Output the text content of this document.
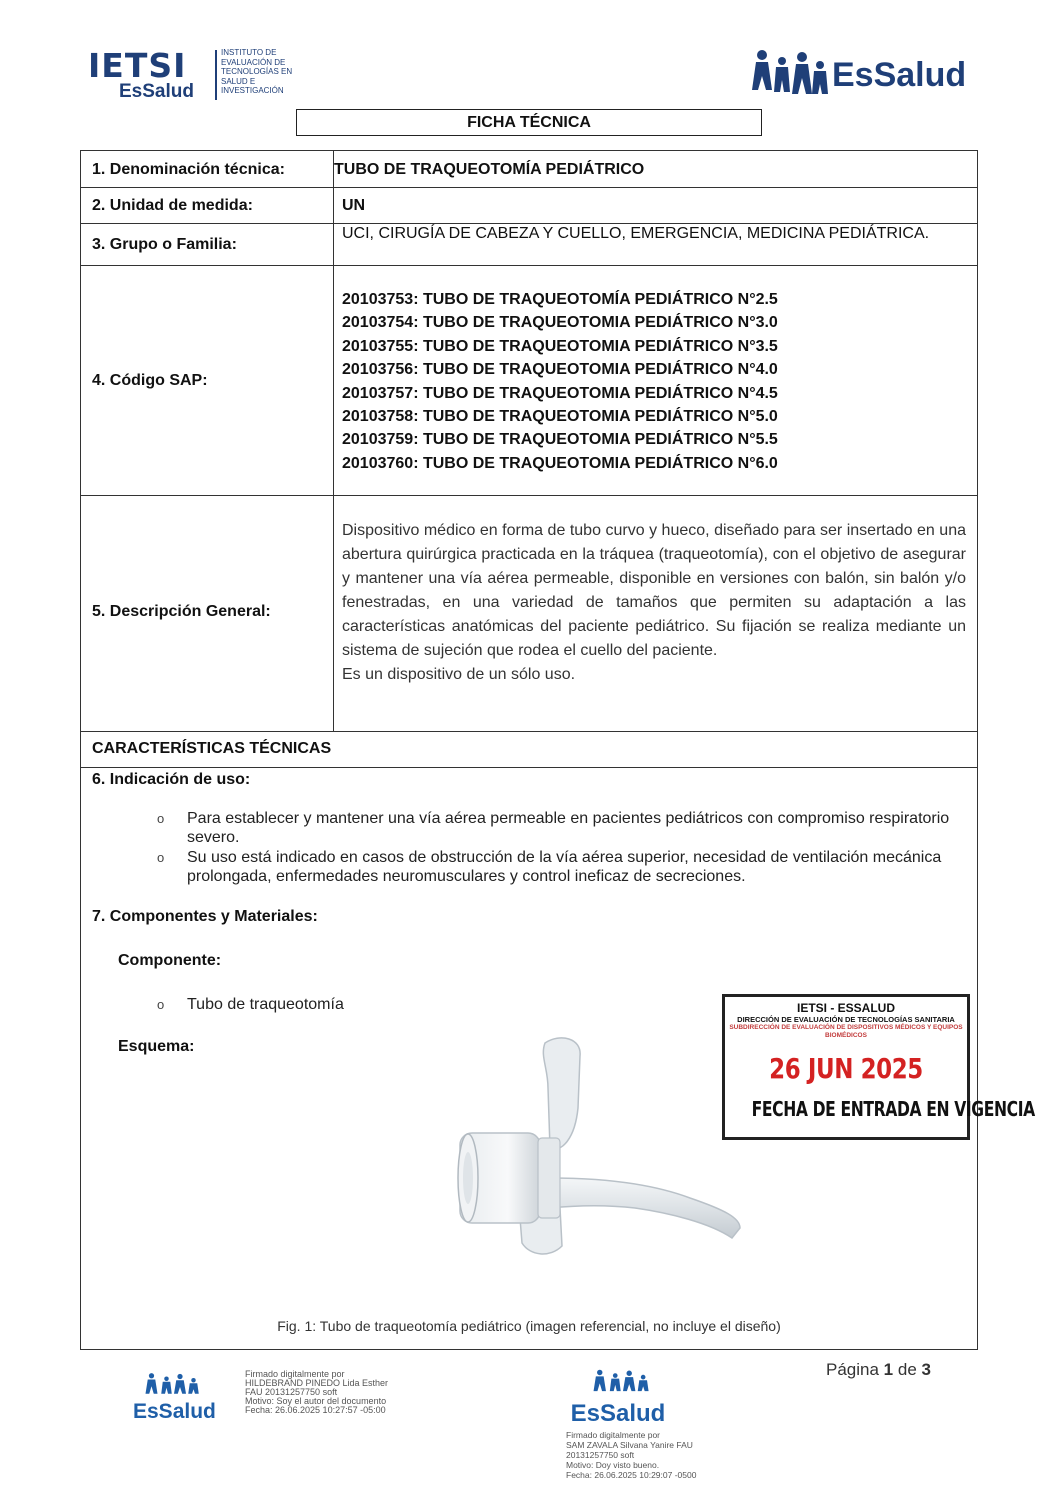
IETSI
EsSalud
INSTITUTO DE
EVALUACIÓN DE
TECNOLOGÍAS EN
SALUD E
INVESTIGACIÓN	EsSalud
FICHA TÉCNICA
1. Denominación técnica:	TUBO DE TRAQUEOTOMÍA PEDIÁTRICO
2. Unidad de medida:	UN
3. Grupo o Familia:
UCI, CIRUGÍA DE CABEZA Y CUELLO, EMERGENCIA, MEDICINA PEDIÁTRICA.
4. Código SAP:
20103753: TUBO DE TRAQUEOTOMÍA PEDIÁTRICO N°2.5
20103754: TUBO DE TRAQUEOTOMIA PEDIÁTRICO N°3.0
20103755: TUBO DE TRAQUEOTOMIA PEDIÁTRICO N°3.5
20103756: TUBO DE TRAQUEOTOMIA PEDIÁTRICO N°4.0
20103757: TUBO DE TRAQUEOTOMIA PEDIÁTRICO N°4.5
20103758: TUBO DE TRAQUEOTOMIA PEDIÁTRICO N°5.0
20103759: TUBO DE TRAQUEOTOMIA PEDIÁTRICO N°5.5
20103760: TUBO DE TRAQUEOTOMIA PEDIÁTRICO N°6.0
5. Descripción General:

Dispositivo médico en forma de tubo curvo y hueco, diseñado para ser insertado en una abertura quirúrgica practicada en la tráquea (traqueotomía), con el objetivo de asegurar y mantener una vía aérea permeable, disponible en versiones con balón, sin balón y/o fenestradas, en una variedad de tamaños que permiten su adaptación a las características anatómicas del paciente pediátrico. Su fijación se realiza mediante un sistema de sujeción que rodea el cuello del paciente.

Es un dispositivo de un sólo uso.

CARACTERÍSTICAS TÉCNICAS
6. Indicación de uso:
o Para establecer y mantener una vía aérea permeable en pacientes pediátricos con compromiso respiratorio severo.
o Su uso está indicado en casos de obstrucción de la vía aérea superior, necesidad de ventilación mecánica prolongada, enfermedades neuromusculares y control ineficaz de secreciones.
7. Componentes y Materiales:
Componente:
o Tubo de traqueotomía
Esquema:
IETSI - ESSALUD
DIRECCIÓN DE EVALUACIÓN DE TECNOLOGÍAS SANITARIA
SUBDIRECCIÓN DE EVALUACIÓN DE DISPOSITIVOS MÉDICOS Y EQUIPOS BIOMÉDICOS
26 JUN 2025
FECHA DE ENTRADA EN VIGENCIA
Fig. 1: Tubo de traqueotomía pediátrico (imagen referencial, no incluye el diseño)
Página 1 de 3
EsSalud
Firmado digitalmente por
HILDEBRAND PINEDO Lida Esther
FAU 20131257750 soft
Motivo: Soy el autor del documento
Fecha: 26.06.2025 10:27:57 -05:00	EsSalud
Firmado digitalmente por
SAM ZAVALA Silvana Yanire FAU
20131257750 soft
Motivo: Doy visto bueno.
Fecha: 26.06.2025 10:29:07 -0500
